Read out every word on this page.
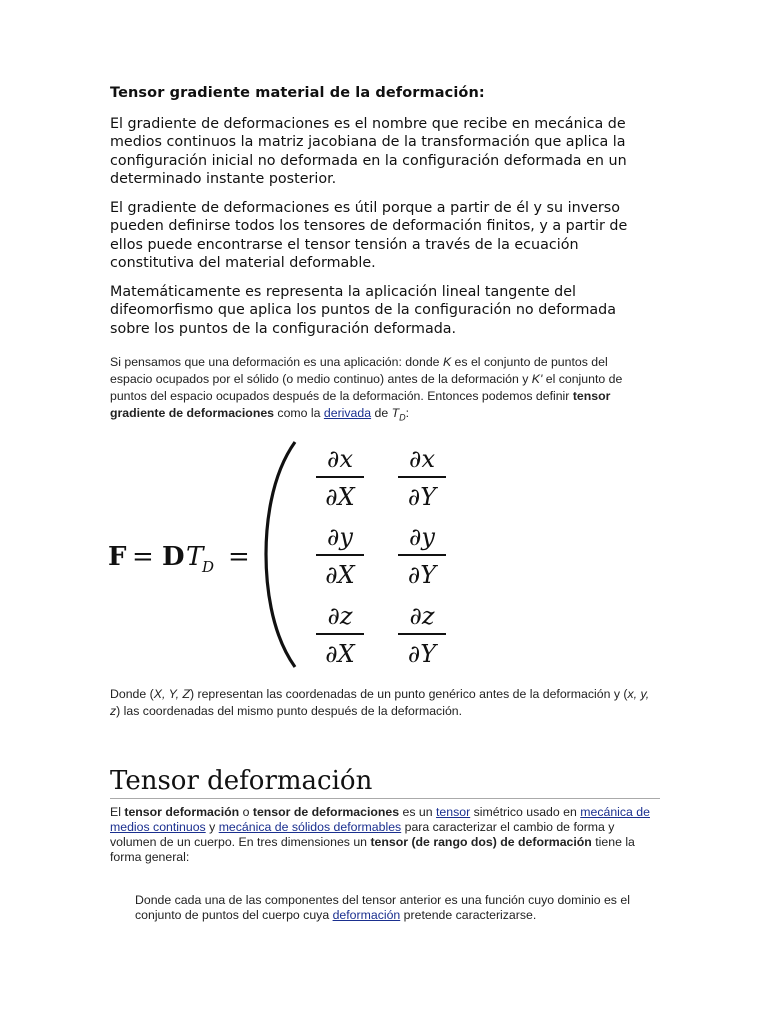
Tensor gradiente material de la deformación:

El gradiente de deformaciones es el nombre que recibe en mecánica de medios continuos la matriz jacobiana de la transformación que aplica la configuración inicial no deformada en la configuración deformada en un determinado instante posterior.

El gradiente de deformaciones es útil porque a partir de él y su inverso pueden definirse todos los tensores de deformación finitos, y a partir de ellos puede encontrarse el tensor tensión a través de la ecuación constitutiva del material deformable.

Matemáticamente es representa la aplicación lineal tangente del difeomorfismo que aplica los puntos de la configuración no deformada sobre los puntos de la configuración deformada.

Si pensamos que una deformación es una aplicación: donde K es el conjunto de puntos del espacio ocupados por el sólido (o medio continuo) antes de la deformación y K' el conjunto de puntos del espacio ocupados después de la deformación. Entonces podemos definir tensor gradiente de deformaciones como la derivada de $T_D$:

F = D T
D =
∂x
∂X
∂x
∂Y
∂y
∂X
∂y
∂Y
∂z
∂X
∂z
∂Y

Donde (X, Y, Z) representan las coordenadas de un punto genérico antes de la deformación y (x, y, z) las coordenadas del mismo punto después de la deformación.

Tensor deformación

El tensor deformación o tensor de deformaciones es un tensor simétrico usado en mecánica de medios continuos y mecánica de sólidos deformables para caracterizar el cambio de forma y volumen de un cuerpo. En tres dimensiones un tensor (de rango dos) de deformación tiene la forma general:

Donde cada una de las componentes del tensor anterior es una función cuyo dominio es el conjunto de puntos del cuerpo cuya deformación pretende caracterizarse.
